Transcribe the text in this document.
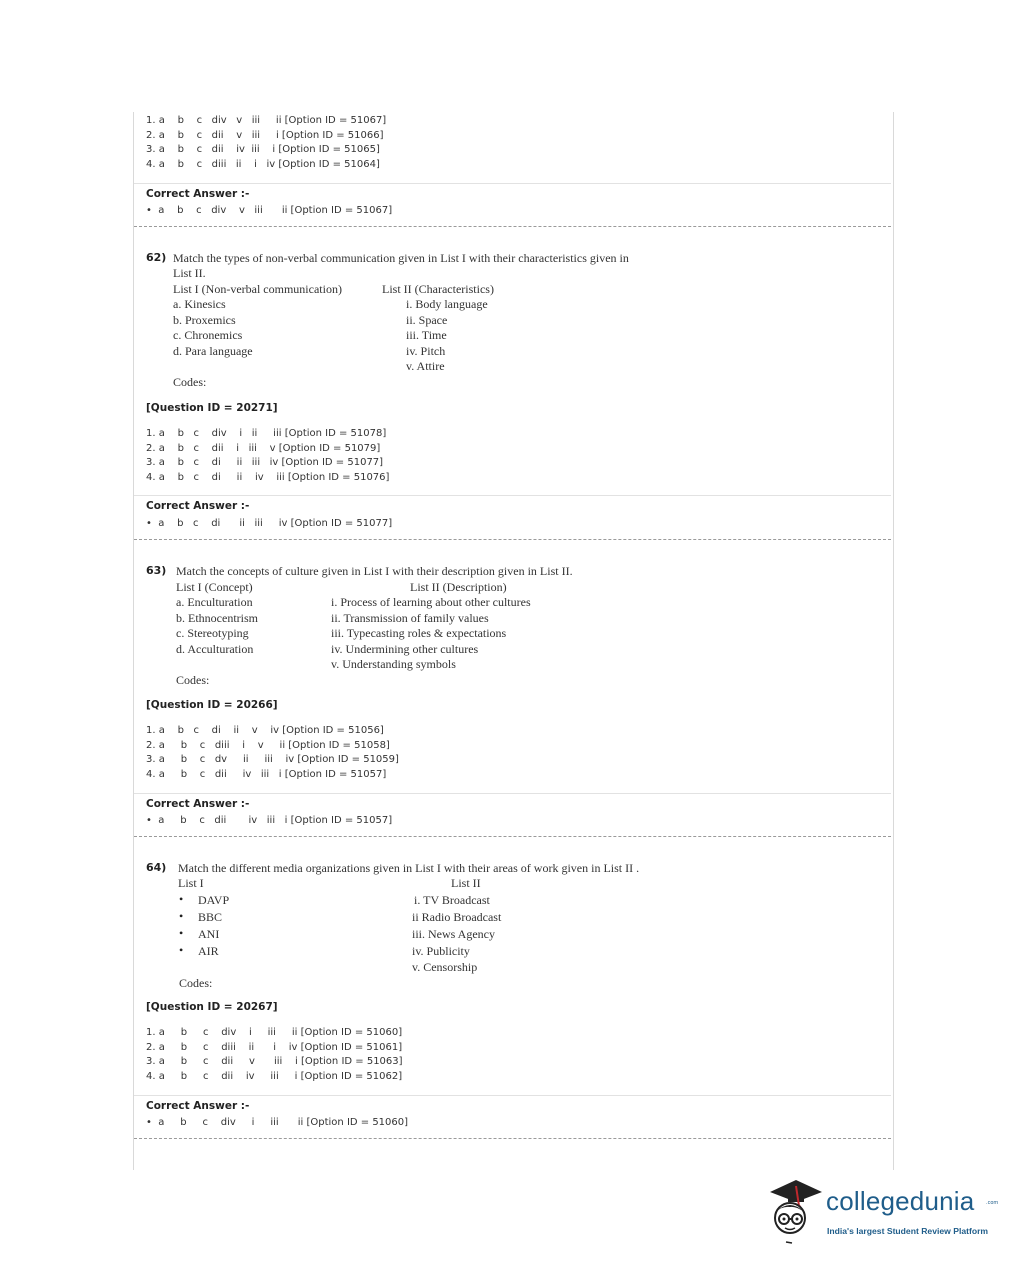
1. a    b    c   div   v   iii     ii [Option ID = 51067]
2. a    b    c   dii    v   iii     i [Option ID = 51066]
3. a    b    c   dii    iv  iii    i [Option ID = 51065]
4. a    b    c   diii   ii    i   iv [Option ID = 51064]
Correct Answer :-
•  a    b    c   div    v   iii      ii [Option ID = 51067]
62) Match the types of non-verbal communication given in List I with their characteristics given in
List II.
List I (Non-verbal communication)
a. Kinesics
b. Proxemics
c. Chronemics
d. Para language
List II (Characteristics)
i. Body language
ii. Space
iii. Time
iv. Pitch
v. Attire
Codes:
[Question ID = 20271]
1. a    b   c    div    i   ii     iii [Option ID = 51078]
2. a    b   c    dii    i   iii    v [Option ID = 51079]
3. a    b   c    di     ii   iii   iv [Option ID = 51077]
4. a    b   c    di     ii    iv    iii [Option ID = 51076]
Correct Answer :-
•  a    b   c    di      ii   iii     iv [Option ID = 51077]
63) Match the concepts of culture given in List I with their description given in List II.
List I (Concept)
a. Enculturation
b. Ethnocentrism
c. Stereotyping
d. Acculturation
List II (Description)
i. Process of learning about other cultures
ii. Transmission of family values
iii. Typecasting roles & expectations
iv. Undermining other cultures
v. Understanding symbols
Codes:
[Question ID = 20266]
1. a    b   c    di    ii    v    iv [Option ID = 51056]
2. a     b    c   diii    i    v     ii [Option ID = 51058]
3. a     b    c   dv     ii     iii    iv [Option ID = 51059]
4. a     b    c   dii     iv   iii   i [Option ID = 51057]
Correct Answer :-
•  a     b    c   dii       iv   iii   i [Option ID = 51057]
64) Match the different media organizations given in List I with their areas of work given in List II .
List I
• DAVP
• BBC
• ANI
• AIR
List II
i. TV Broadcast
ii Radio Broadcast
iii. News Agency
iv. Publicity
v. Censorship
Codes:
[Question ID = 20267]
1. a     b     c    div    i     iii     ii [Option ID = 51060]
2. a     b     c    diii    ii      i    iv [Option ID = 51061]
3. a     b     c    dii     v      iii    i [Option ID = 51063]
4. a     b     c    dii    iv     iii     i [Option ID = 51062]
Correct Answer :-
•  a     b     c    div     i     iii      ii [Option ID = 51060]
collegedunia .com
India's largest Student Review Platform
